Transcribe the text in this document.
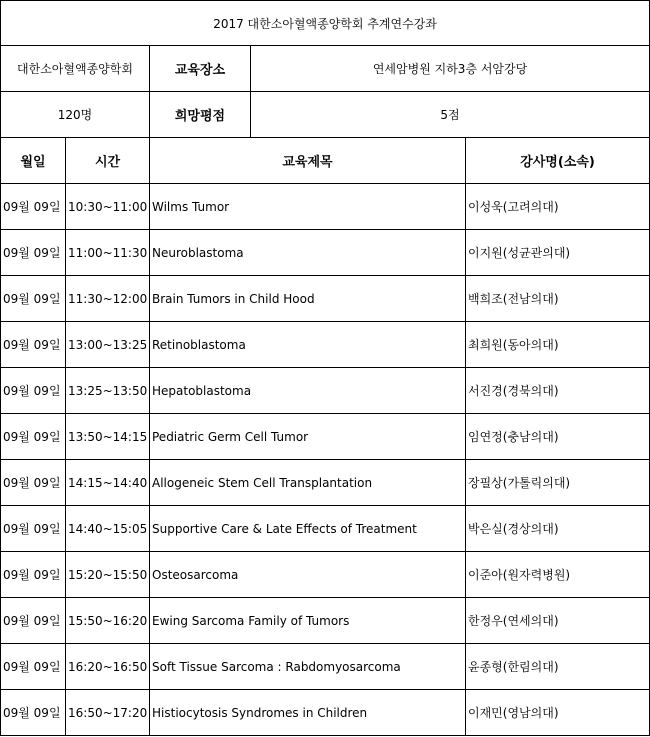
2017 대한소아혈액종양학회 추계연수강좌				
대한소아혈액종양학회		교육장소	연세암병원 지하3층 서암강당	
120명		희망평점	5점	
월일	시간	교육제목		강사명(소속)
09월 09일	10:30~11:00	Wilms Tumor		이성욱(고려의대)
09월 09일	11:00~11:30	Neuroblastoma		이지원(성균관의대)
09월 09일	11:30~12:00	Brain Tumors in Child Hood		백희조(전남의대)
09월 09일	13:00~13:25	Retinoblastoma		최희원(동아의대)
09월 09일	13:25~13:50	Hepatoblastoma		서진경(경북의대)
09월 09일	13:50~14:15	Pediatric Germ Cell Tumor		임연정(충남의대)
09월 09일	14:15~14:40	Allogeneic Stem Cell Transplantation		장필상(가톨릭의대)
09월 09일	14:40~15:05	Supportive Care & Late Effects of Treatment		박은실(경상의대)
09월 09일	15:20~15:50	Osteosarcoma		이준아(원자력병원)
09월 09일	15:50~16:20	Ewing Sarcoma Family of Tumors		한정우(연세의대)
09월 09일	16:20~16:50	Soft Tissue Sarcoma : Rabdomyosarcoma		윤종형(한림의대)
09월 09일	16:50~17:20	Histiocytosis Syndromes in Children		이재민(영남의대)
